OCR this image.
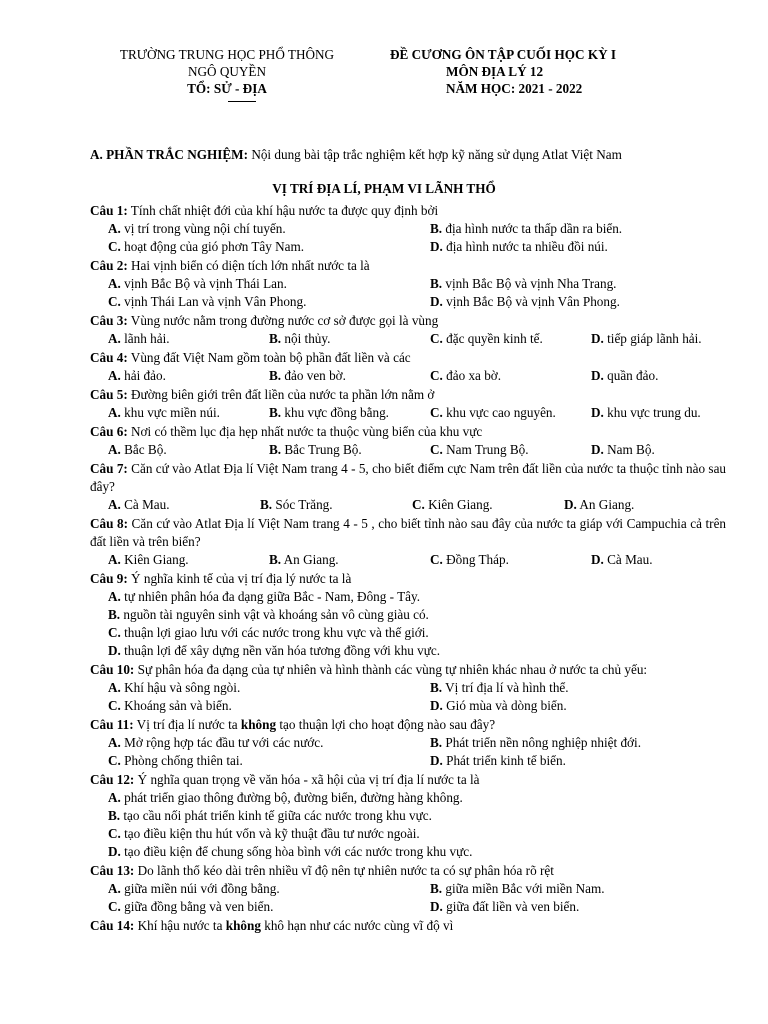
TRƯỜNG TRUNG HỌC PHỔ THÔNG
NGÔ QUYỀN
TỔ: SỬ - ĐỊA
ĐỀ CƯƠNG ÔN TẬP CUỐI HỌC KỲ I
MÔN ĐỊA LÝ 12
NĂM HỌC: 2021 - 2022
A. PHẦN TRẮC NGHIỆM: Nội dung bài tập trắc nghiệm kết hợp kỹ năng sử dụng Atlat Việt Nam
VỊ TRÍ ĐỊA LÍ, PHẠM VI LÃNH THỔ
Câu 1: Tính chất nhiệt đới của khí hậu nước ta được quy định bởi
A. vị trí trong vùng nội chí tuyến.	B. địa hình nước ta thấp dần ra biển.
C. hoạt động của gió phơn Tây Nam.	D. địa hình nước ta nhiều đồi núi.
Câu 2: Hai vịnh biển có diện tích lớn nhất nước ta là
A. vịnh Bắc Bộ và vịnh Thái Lan.	B. vịnh Bắc Bộ và vịnh Nha Trang.
C. vịnh Thái Lan và vịnh Vân Phong.	D. vịnh Bắc Bộ và vịnh Vân Phong.
Câu 3: Vùng nước nằm trong đường nước cơ sở được gọi là vùng
A. lãnh hải.	B. nội thủy.	C. đặc quyền kinh tế.	D. tiếp giáp lãnh hải.
Câu 4: Vùng đất Việt Nam gồm toàn bộ phần đất liền và các
A. hải đảo.	B. đảo ven bờ.	C. đảo xa bờ.	D. quần đảo.
Câu 5: Đường biên giới trên đất liền của nước ta phần lớn nằm ở
A. khu vực miền núi.	B. khu vực đồng bằng.	C. khu vực cao nguyên.	D. khu vực trung du.
Câu 6: Nơi có thềm lục địa hẹp nhất nước ta thuộc vùng biển của khu vực
A. Bắc Bộ.	B. Bắc Trung Bộ.	C. Nam Trung Bộ.	D. Nam Bộ.
Câu 7: Căn cứ vào Atlat Địa lí Việt Nam trang 4 - 5, cho biết điểm cực Nam trên đất liền của nước ta thuộc tỉnh nào sau đây?
A. Cà Mau.	B. Sóc Trăng.	C. Kiên Giang.	D. An Giang.
Câu 8: Căn cứ vào Atlat Địa lí Việt Nam trang 4 - 5 , cho biết tỉnh nào sau đây của nước ta giáp với Campuchia cả trên đất liền và trên biển?
A. Kiên Giang.	B. An Giang.	C. Đồng Tháp.	D. Cà Mau.
Câu 9: Ý nghĩa kinh tế của vị trí địa lý nước ta là
A. tự nhiên phân hóa đa dạng giữa Bắc - Nam, Đông - Tây.
B. nguồn tài nguyên sinh vật và khoáng sản vô cùng giàu có.
C. thuận lợi giao lưu với các nước trong khu vực và thế giới.
D. thuận lợi để xây dựng nền văn hóa tương đồng với khu vực.
Câu 10: Sự phân hóa đa dạng của tự nhiên và hình thành các vùng tự nhiên khác nhau ở nước ta chủ yếu:
A. Khí hậu và sông ngòi.	B. Vị trí địa lí và hình thể.
C. Khoáng sản và biển.	D. Gió mùa và dòng biển.
Câu 11: Vị trí địa lí nước ta không tạo thuận lợi cho hoạt động nào sau đây?
A. Mở rộng hợp tác đầu tư với các nước.	B. Phát triển nền nông nghiệp nhiệt đới.
C. Phòng chống thiên tai.	D. Phát triển kinh tế biển.
Câu 12: Ý nghĩa quan trọng về văn hóa - xã hội của vị trí địa lí nước ta là
A. phát triển giao thông đường bộ, đường biển, đường hàng không.
B. tạo cầu nối phát triển kinh tế giữa các nước trong khu vực.
C. tạo điều kiện thu hút vốn và kỹ thuật đầu tư nước ngoài.
D. tạo điều kiện để chung sống hòa bình với các nước trong khu vực.
Câu 13: Do lãnh thổ kéo dài trên nhiều vĩ độ nên tự nhiên nước ta có sự phân hóa rõ rệt
A. giữa miền núi với đồng bằng.	B. giữa miền Bắc với miền Nam.
C. giữa đồng bằng và ven biển.	D. giữa đất liền và ven biển.
Câu 14: Khí hậu nước ta không khô hạn như các nước cùng vĩ độ vì
